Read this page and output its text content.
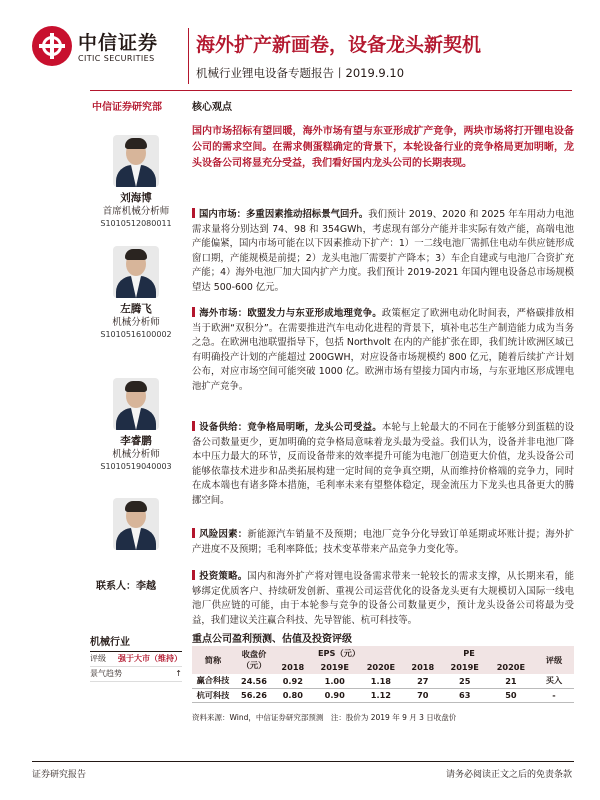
中信证券
CITIC SECURITIES
海外扩产新画卷，设备龙头新契机
机械行业锂电设备专题报告丨2019.9.10
中信证券研究部
刘海博
首席机械分析师
S1010512080011
左腾飞
机械分析师
S1010516100002
李睿鹏
机械分析师
S1010519040003
联系人：李越
机械行业
评级 强于大市（维持）
景气趋势	↑
核心观点
国内市场招标有望回暖，海外市场有望与东亚形成扩产竞争，两块市场将打开锂电设备公司的需求空间。在需求侧蛋糕确定的背景下，本轮设备行业的竞争格局更加明晰，龙头设备公司将显充分受益，我们看好国内龙头公司的长期表现。
国内市场：多重因素推动招标景气回升。我们预计 2019、2020 和 2025 年车用动力电池需求量将分别达到 74、98 和 354GWh，考虑现有部分产能并非实际有效产能，高端电池产能偏紧，国内市场可能在以下因素推动下扩产：1）一二线电池厂需抓住电动车供应链形成窗口期，产能规模是前提；2）龙头电池厂需要扩产降本；3）车企自建或与电池厂合资扩充产能；4）海外电池厂加大国内扩产力度。我们预计 2019-2021 年国内锂电设备总市场规模望达 500-600 亿元。
海外市场：欧盟发力与东亚形成地理竞争。政策框定了欧洲电动化时间表，严格碳排放相当于欧洲“双积分”。在需要推进汽车电动化进程的背景下，填补电芯生产制造能力成为当务之急。在欧洲电池联盟指导下，包括 Northvolt 在内的产能扩张在即，我们统计欧洲区域已有明确投产计划的产能超过 200GWH，对应设备市场规模约 800 亿元，随着后续扩产计划公布，对应市场空间可能突破 1000 亿。欧洲市场有望接力国内市场，与东亚地区形成锂电池扩产竞争。
设备供给：竞争格局明晰，龙头公司受益。本轮与上轮最大的不同在于能够分到蛋糕的设备公司数量更少，更加明确的竞争格局意味着龙头最为受益。我们认为，设备并非电池厂降本中压力最大的环节，反而设备带来的效率提升可能为电池厂创造更大价值，龙头设备公司能够依靠技术进步和品类拓展构建一定时间的竞争真空期，从而维持价格端的竞争力，同时在成本端也有诸多降本措施，毛利率未来有望整体稳定，现金流压力下龙头也具备更大的腾挪空间。
风险因素：新能源汽车销量不及预期；电池厂竞争分化导致订单延期或坏账计提；海外扩产进度不及预期；毛利率降低；技术变革带来产品竞争力变化等。
投资策略。国内和海外扩产将对锂电设备需求带来一轮较长的需求支撑，从长期来看，能够绑定优质客户、持续研发创新、重视公司运营优化的设备龙头更有大规模切入国际一线电池厂供应链的可能，由于本轮参与竞争的设备公司数量更少，预计龙头设备公司将最为受益，我们建议关注赢合科技、先导智能、杭可科技等。
重点公司盈利预测、估值及投资评级
简称	收盘价（元）	EPS（元）			PE			评级
		2018	2019E	2020E	2018	2019E	2020E	
赢合科技	24.56	0.92	1.00	1.18	27	25	21	买入
杭可科技	56.26	0.80	0.90	1.12	70	63	50	-
资料来源：Wind，中信证券研究部预测　注：股价为 2019 年 9 月 3 日收盘价
证券研究报告	请务必阅读正文之后的免责条款
